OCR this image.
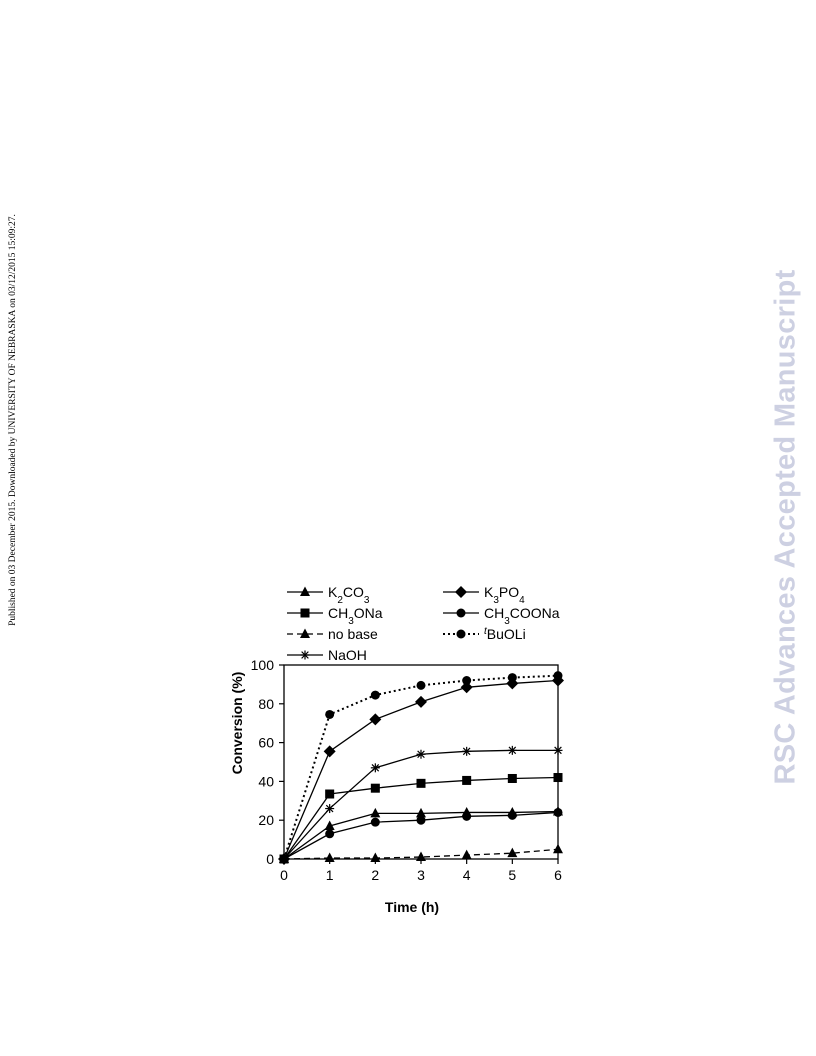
Published on 03 December 2015. Downloaded by UNIVERSITY OF NEBRASKA on 03/12/2015 15:09:27.	RSC Advances Accepted Manuscript
$K_2CO_3$	$K_3PO_4$
$CH_3ONa$	$CH_3COONa$
no base	$^t$BuOLi
NaOH
0	1	2	3	4	5	6
0
20
40
60
80
100
Time (h)
Conversion (%)
